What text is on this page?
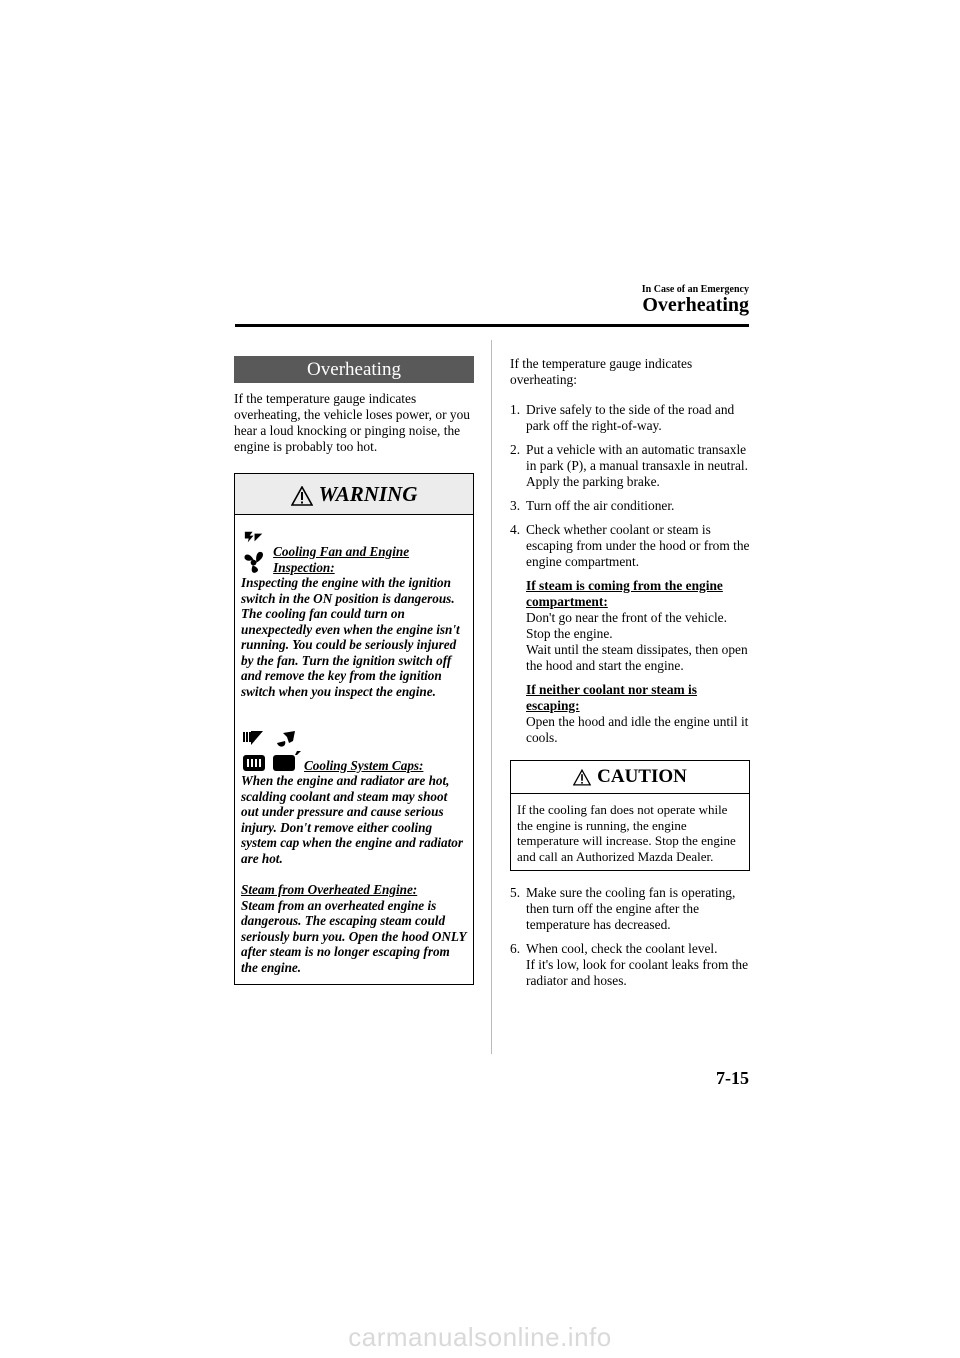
In Case of an Emergency
Overheating
Overheating
If the temperature gauge indicates overheating, the vehicle loses power, or you hear a loud knocking or pinging noise, the engine is probably too hot.
WARNING
Cooling Fan and Engine Inspection:
Inspecting the engine with the ignition switch in the ON position is dangerous. The cooling fan could turn on unexpectedly even when the engine isn't running. You could be seriously injured by the fan. Turn the ignition switch off and remove the key from the ignition switch when you inspect the engine.
Cooling System Caps:
When the engine and radiator are hot, scalding coolant and steam may shoot out under pressure and cause serious injury. Don't remove either cooling system cap when the engine and radiator are hot.
Steam from Overheated Engine:
Steam from an overheated engine is dangerous. The escaping steam could seriously burn you. Open the hood ONLY after steam is no longer escaping from the engine.
If the temperature gauge indicates overheating:
1. Drive safely to the side of the road and park off the right-of-way.
2. Put a vehicle with an automatic transaxle in park (P), a manual transaxle in neutral.
Apply the parking brake.
3. Turn off the air conditioner.
4. Check whether coolant or steam is escaping from under the hood or from the engine compartment.
If steam is coming from the engine compartment:
Don't go near the front of the vehicle.
Stop the engine.
Wait until the steam dissipates, then open the hood and start the engine.
If neither coolant nor steam is escaping:
Open the hood and idle the engine until it cools.
CAUTION
If the cooling fan does not operate while the engine is running, the engine temperature will increase. Stop the engine and call an Authorized Mazda Dealer.
5. Make sure the cooling fan is operating, then turn off the engine after the temperature has decreased.
6. When cool, check the coolant level.
If it's low, look for coolant leaks from the radiator and hoses.
7-15
carmanualsonline.info
